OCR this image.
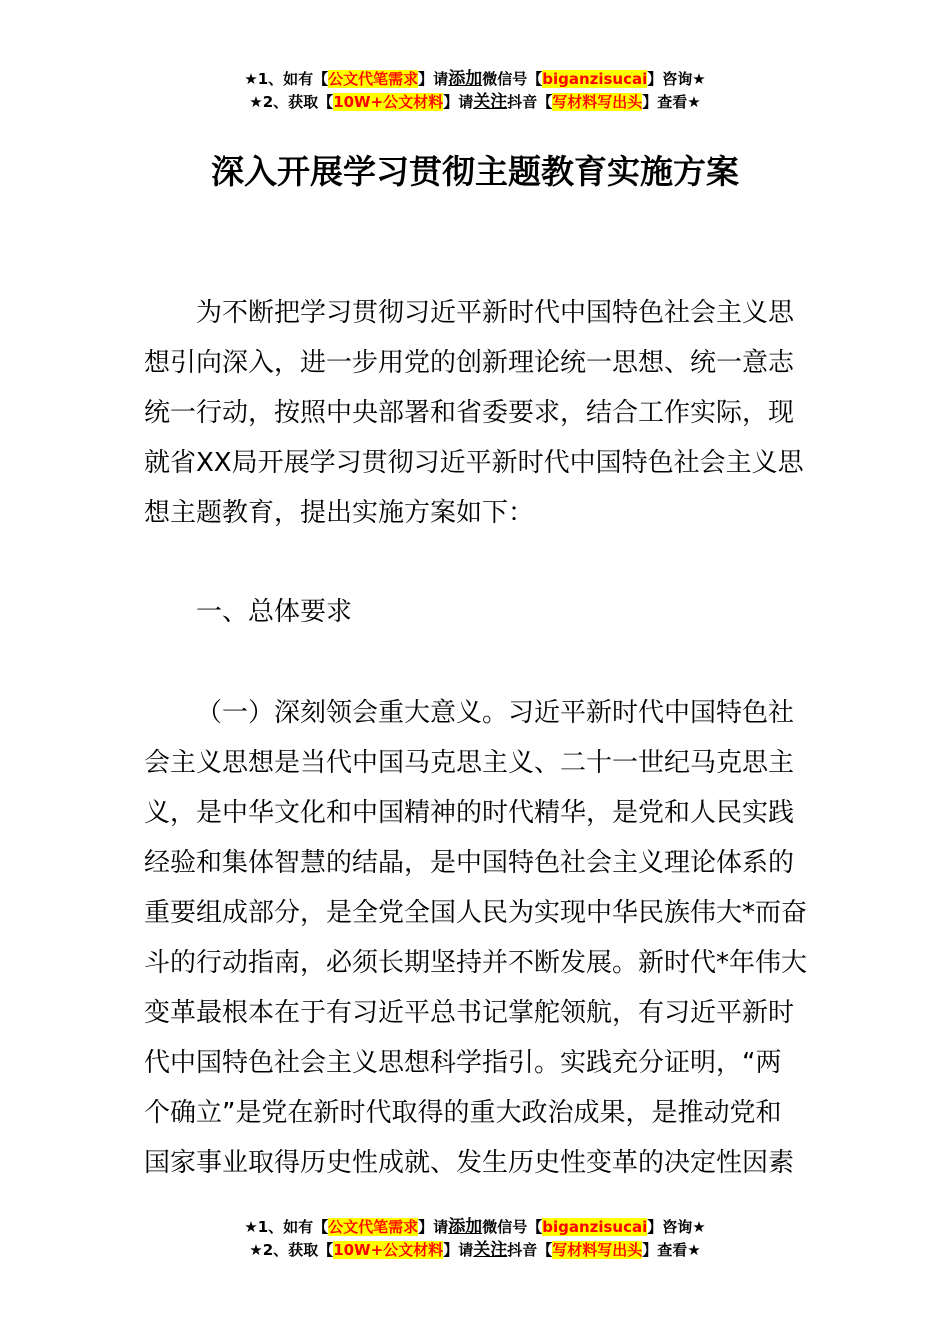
★1、如有【公文代笔需求】请添加微信号【biganzisucai】咨询★
★2、获取【10W+公文材料】请关注抖音【写材料写出头】查看★
深入开展学习贯彻主题教育实施方案
为不断把学习贯彻习近平新时代中国特色社会主义思
想引向深入，进一步用党的创新理论统一思想、统一意志
统一行动，按照中央部署和省委要求，结合工作实际，现
就省XX局开展学习贯彻习近平新时代中国特色社会主义思
想主题教育，提出实施方案如下：
一、总体要求
（一）深刻领会重大意义。习近平新时代中国特色社
会主义思想是当代中国马克思主义、二十一世纪马克思主
义，是中华文化和中国精神的时代精华，是党和人民实践
经验和集体智慧的结晶，是中国特色社会主义理论体系的
重要组成部分，是全党全国人民为实现中华民族伟大*而奋
斗的行动指南，必须长期坚持并不断发展。新时代*年伟大
变革最根本在于有习近平总书记掌舵领航，有习近平新时
代中国特色社会主义思想科学指引。实践充分证明，“两
个确立”是党在新时代取得的重大政治成果，是推动党和
国家事业取得历史性成就、发生历史性变革的决定性因素
★1、如有【公文代笔需求】请添加微信号【biganzisucai】咨询★
★2、获取【10W+公文材料】请关注抖音【写材料写出头】查看★
